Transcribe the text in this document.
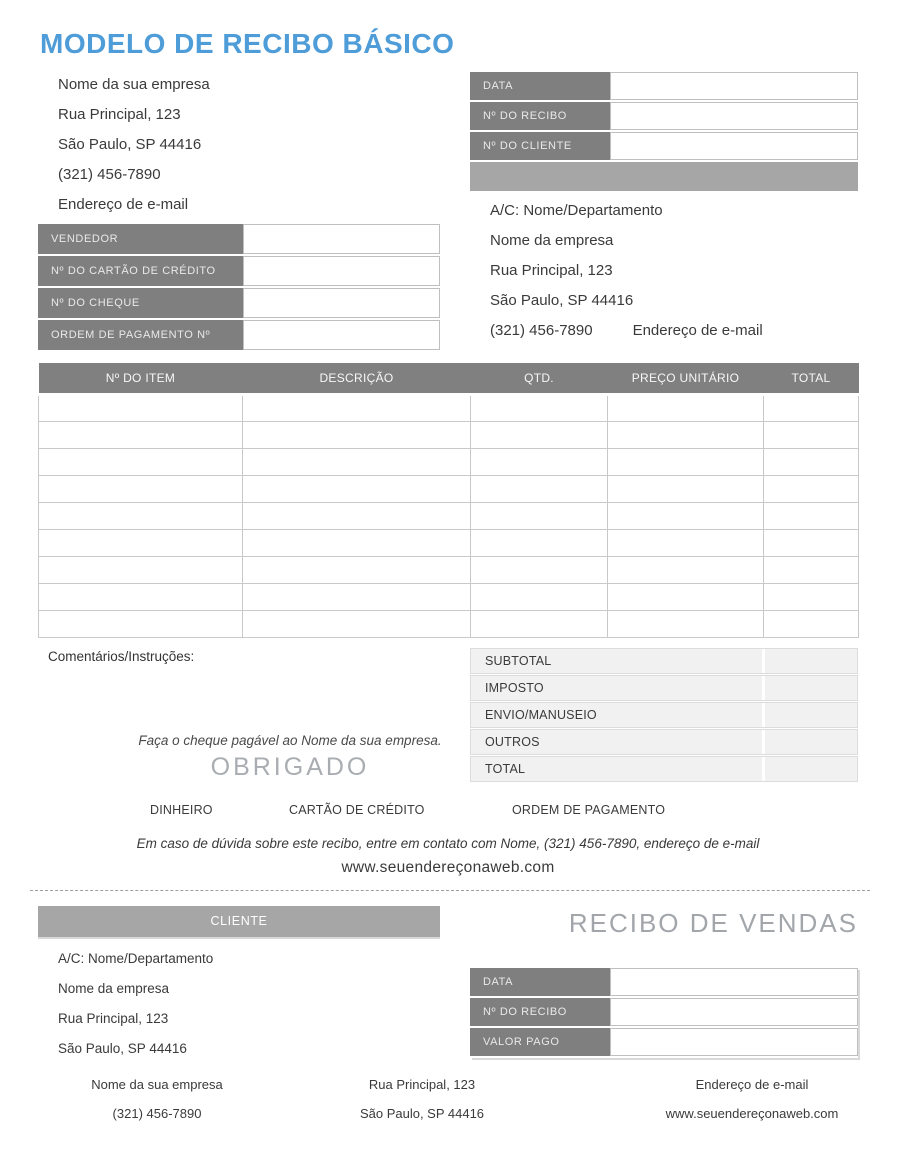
MODELO DE RECIBO BÁSICO
Nome da sua empresa
Rua Principal, 123
São Paulo, SP 44416
(321) 456-7890
Endereço de e-mail
DATA
Nº DO RECIBO
Nº DO CLIENTE
A/C: Nome/Departamento
Nome da empresa
Rua Principal, 123
São Paulo, SP 44416
(321) 456-7890	Endereço de e-mail
VENDEDOR
Nº DO CARTÃO DE CRÉDITO
Nº DO CHEQUE
ORDEM DE PAGAMENTO Nº
Nº DO ITEM	DESCRIÇÃO	QTD.	PREÇO UNITÁRIO	TOTAL

Comentários/Instruções:	SUBTOTAL
IMPOSTO
ENVIO/MANUSEIO
OUTROS
TOTAL
Faça o cheque pagável ao Nome da sua empresa.
OBRIGADO
DINHEIRO	CARTÃO DE CRÉDITO	ORDEM DE PAGAMENTO
Em caso de dúvida sobre este recibo, entre em contato com Nome, (321) 456-7890, endereço de e-mail
www.seuendereçonaweb.com
CLIENTE	RECIBO DE VENDAS
A/C: Nome/Departamento
Nome da empresa
Rua Principal, 123
São Paulo, SP 44416
DATA
Nº DO RECIBO
VALOR PAGO
Nome da sua empresa
(321) 456-7890
Rua Principal, 123
São Paulo, SP 44416
Endereço de e-mail
www.seuendereçonaweb.com
